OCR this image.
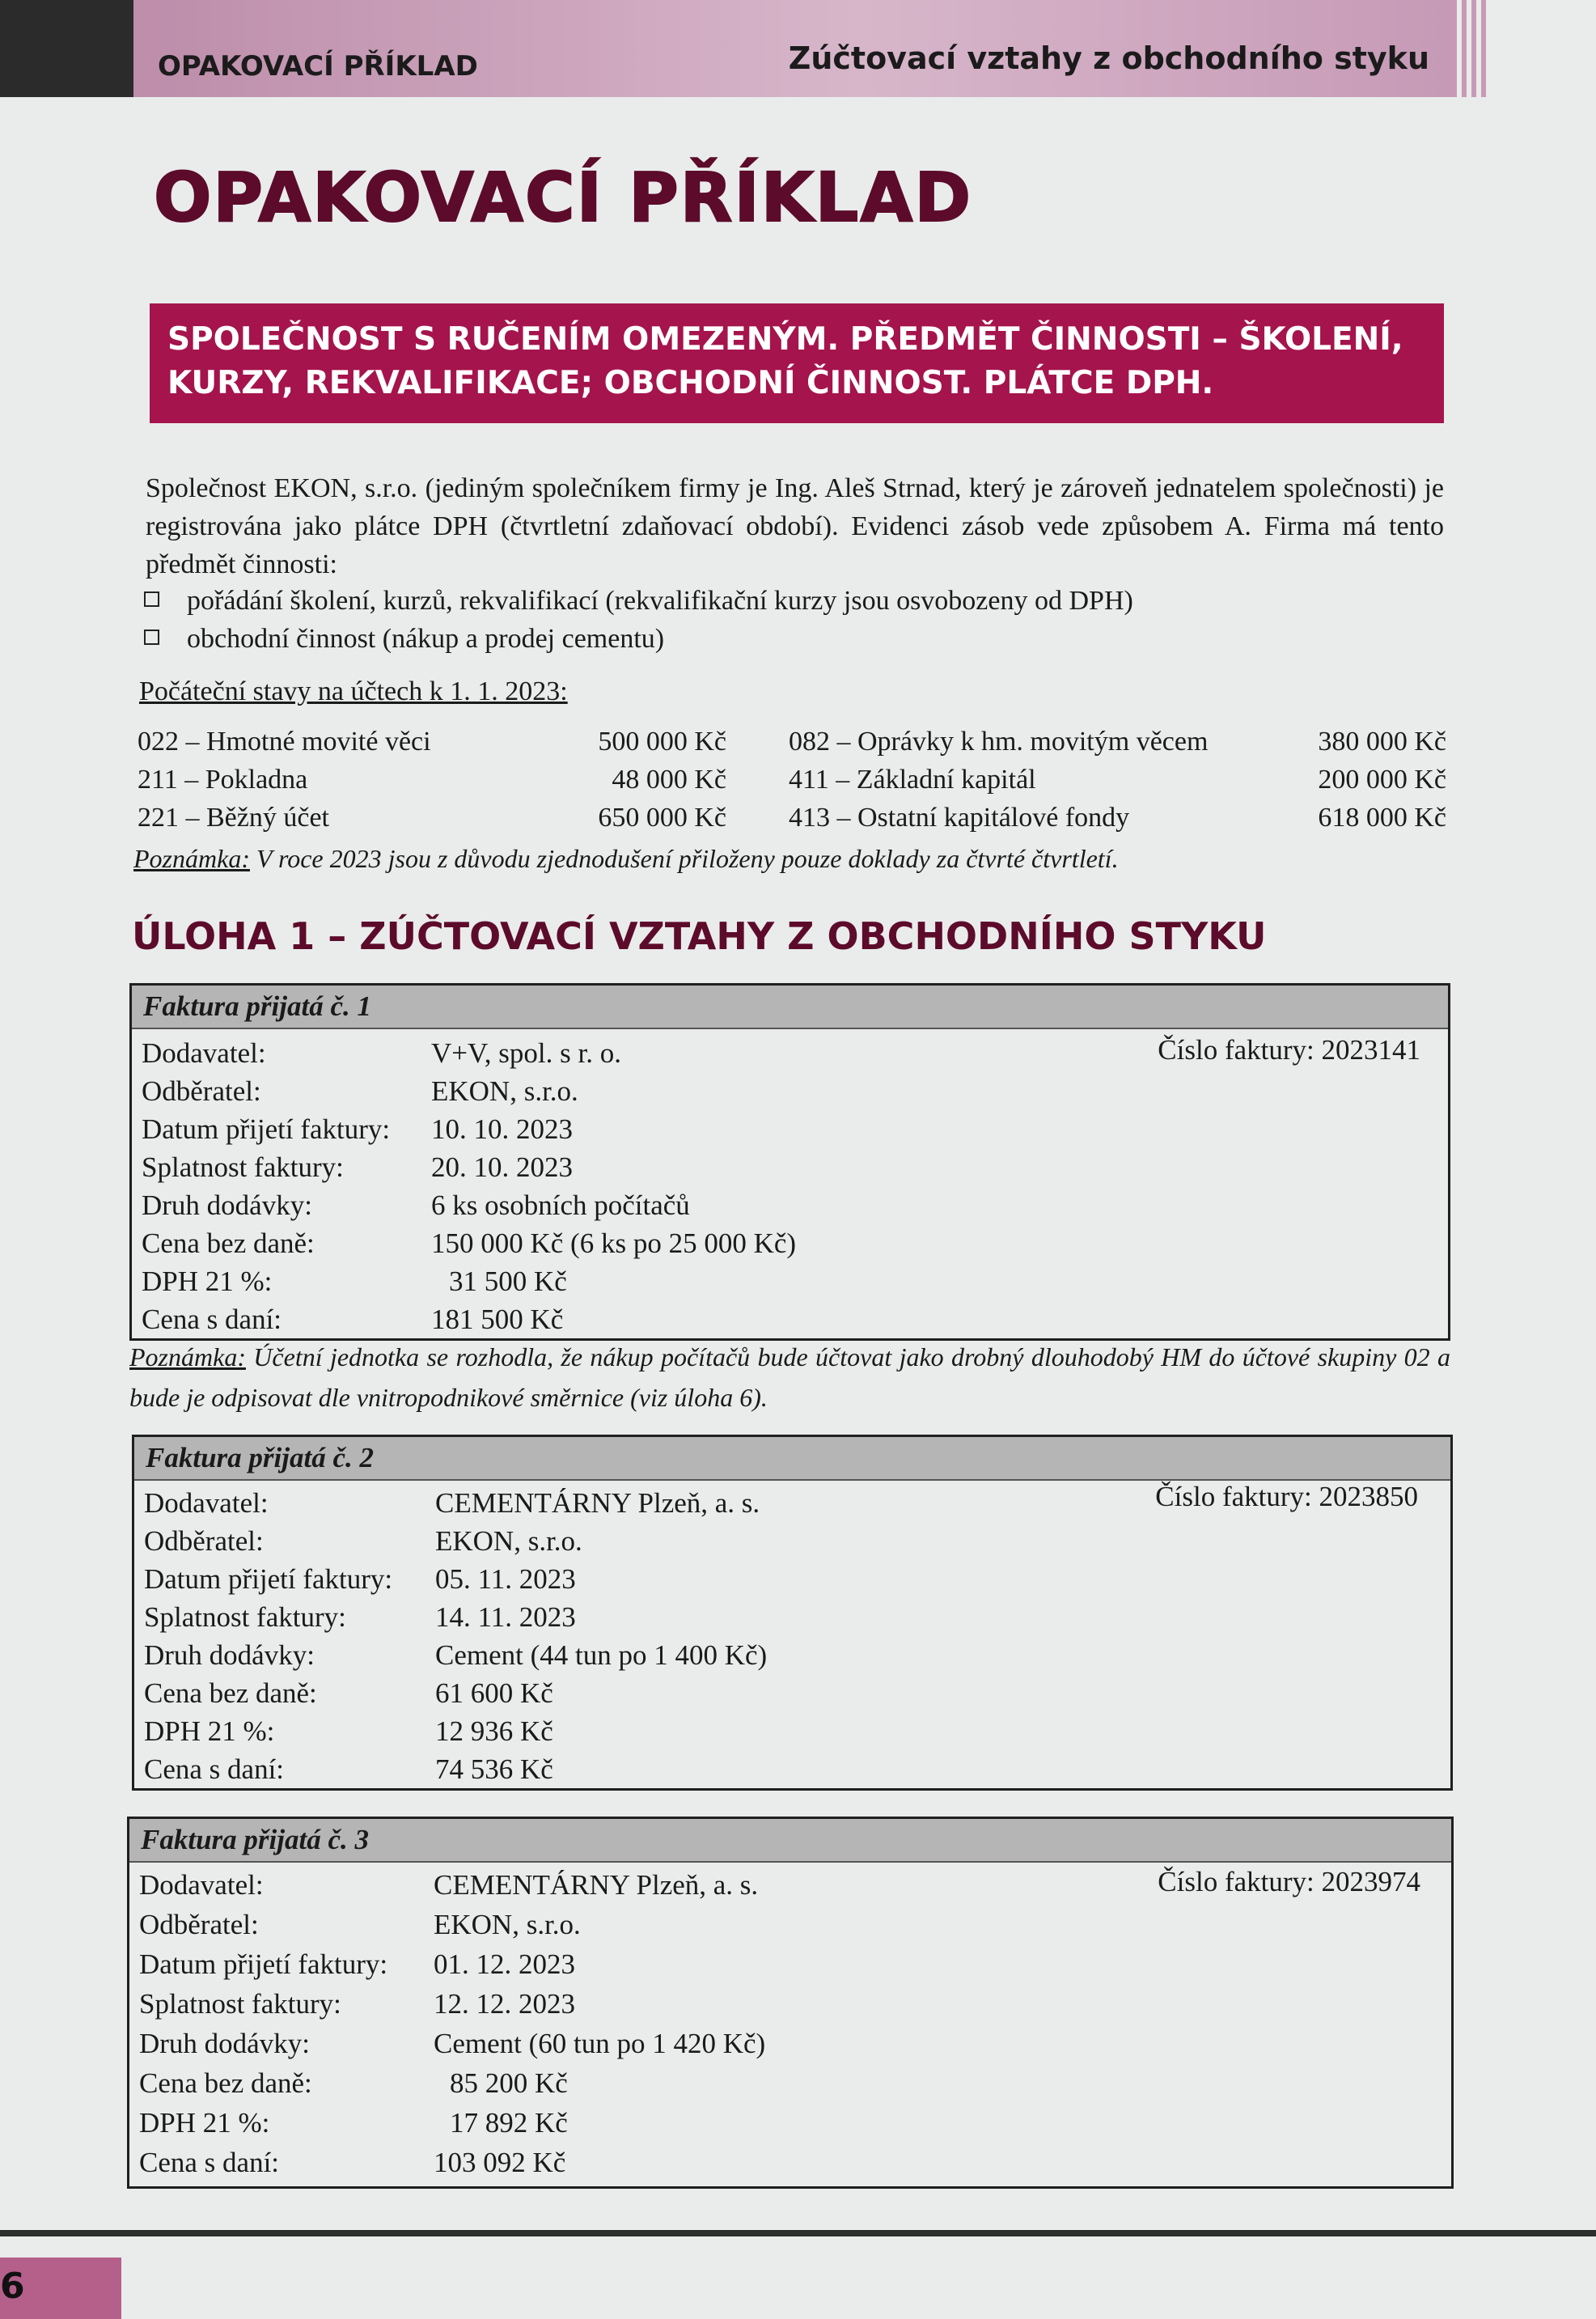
OPAKOVACÍ PŘÍKLAD	Zúčtovací vztahy z obchodního styku
OPAKOVACÍ PŘÍKLAD
SPOLEČNOST S RUČENÍM OMEZENÝM. PŘEDMĚT ČINNOSTI – ŠKOLENÍ,
KURZY, REKVALIFIKACE; OBCHODNÍ ČINNOST. PLÁTCE DPH.
Společnost EKON, s.r.o. (jediným společníkem firmy je Ing. Aleš Strnad, který je zároveň jednatelem společnosti) je registrována jako plátce DPH (čtvrtletní zdaňovací období). Evidenci zásob vede způsobem A. Firma má tento předmět činnosti:
pořádání školení, kurzů, rekvalifikací (rekvalifikační kurzy jsou osvobozeny od DPH)
obchodní činnost (nákup a prodej cementu)
Počáteční stavy na účtech k 1. 1. 2023:
022 – Hmotné movité věci	500 000 Kč
211 – Pokladna	48 000 Kč
221 – Běžný účet	650 000 Kč
082 – Oprávky k hm. movitým věcem	380 000 Kč
411 – Základní kapitál	200 000 Kč
413 – Ostatní kapitálové fondy	618 000 Kč
Poznámka: V roce 2023 jsou z důvodu zjednodušení přiloženy pouze doklady za čtvrté čtvrtletí.
ÚLOHA 1 – ZÚČTOVACÍ VZTAHY Z OBCHODNÍHO STYKU
Faktura přijatá č. 1
Číslo faktury: 2023141
Dodavatel:	V+V, spol. s r. o.
Odběratel:	EKON, s.r.o.
Datum přijetí faktury: 10. 10. 2023
Splatnost faktury:	20. 10. 2023
Druh dodávky:	6 ks osobních počítačů
Cena bez daně:	150 000 Kč (6 ks po 25 000 Kč)
DPH 21 %:	31 500 Kč
Cena s daní:	181 500 Kč
Poznámka: Účetní jednotka se rozhodla, že nákup počítačů bude účtovat jako drobný dlouhodobý HM do účtové skupiny 02 a bude je odpisovat dle vnitropodnikové směrnice (viz úloha 6).
Faktura přijatá č. 2
Číslo faktury: 2023850
Dodavatel:	CEMENTÁRNY Plzeň, a. s.
Odběratel:	EKON, s.r.o.
Datum přijetí faktury: 05. 11. 2023
Splatnost faktury:	14. 11. 2023
Druh dodávky:	Cement (44 tun po 1 400 Kč)
Cena bez daně:	61 600 Kč
DPH 21 %:	12 936 Kč
Cena s daní:	74 536 Kč
Faktura přijatá č. 3
Číslo faktury: 2023974
Dodavatel:	CEMENTÁRNY Plzeň, a. s.
Odběratel:	EKON, s.r.o.
Datum přijetí faktury: 01. 12. 2023
Splatnost faktury:	12. 12. 2023
Druh dodávky:	Cement (60 tun po 1 420 Kč)
Cena bez daně:	85 200 Kč
DPH 21 %:	17 892 Kč
Cena s daní:	103 092 Kč
6
